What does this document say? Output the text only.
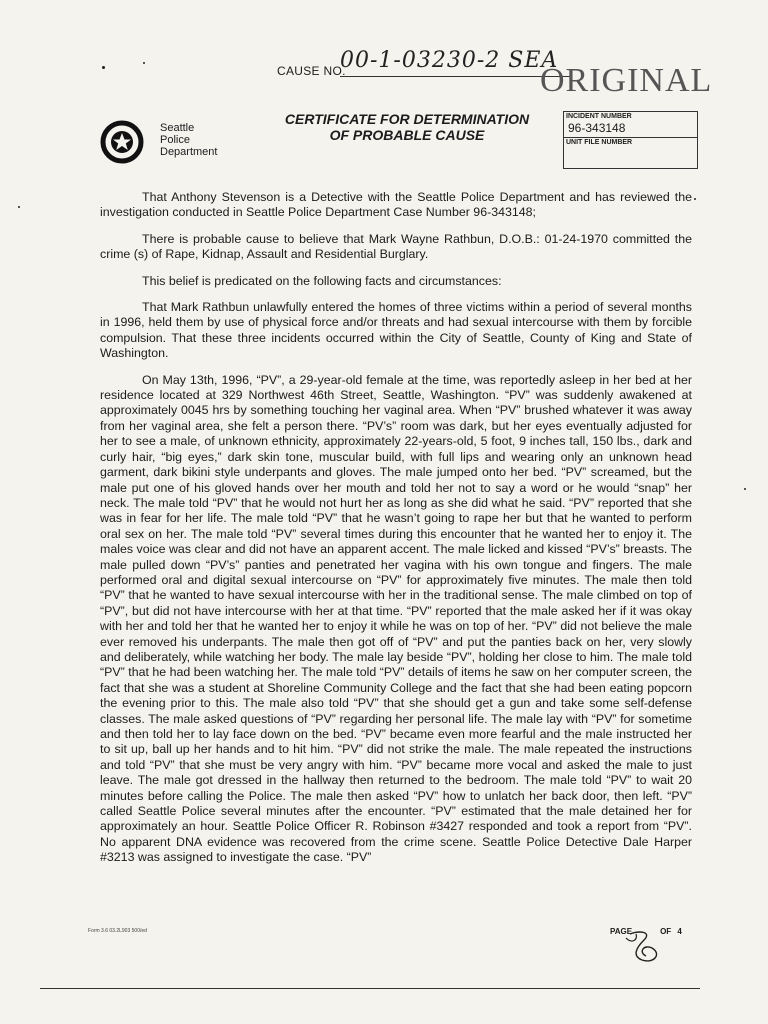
CAUSE NO.
00-1-03230-2 SEA
ORIGINAL
Seattle
Police
Department
CERTIFICATE FOR DETERMINATION
OF PROBABLE CAUSE
INCIDENT NUMBER
96-343148
UNIT FILE NUMBER

That Anthony Stevenson is a Detective with the Seattle Police Department and has reviewed the investigation conducted in Seattle Police Department Case Number 96-343148;

There is probable cause to believe that Mark Wayne Rathbun, D.O.B.: 01-24-1970 committed the crime (s) of Rape, Kidnap, Assault and Residential Burglary.

This belief is predicated on the following facts and circumstances:

That Mark Rathbun unlawfully entered the homes of three victims within a period of several months in 1996, held them by use of physical force and/or threats and had sexual intercourse with them by forcible compulsion. That these three incidents occurred within the City of Seattle, County of King and State of Washington.

On May 13th, 1996, “PV”, a 29-year-old female at the time, was reportedly asleep in her bed at her residence located at 329 Northwest 46th Street, Seattle, Washington. “PV” was suddenly awakened at approximately 0045 hrs by something touching her vaginal area. When “PV” brushed whatever it was away from her vaginal area, she felt a person there. “PV’s” room was dark, but her eyes eventually adjusted for her to see a male, of unknown ethnicity, approximately 22-years-old, 5 foot, 9 inches tall, 150 lbs., dark and curly hair, “big eyes,” dark skin tone, muscular build, with full lips and wearing only an unknown head garment, dark bikini style underpants and gloves. The male jumped onto her bed. “PV” screamed, but the male put one of his gloved hands over her mouth and told her not to say a word or he would “snap” her neck. The male told “PV” that he would not hurt her as long as she did what he said. “PV” reported that she was in fear for her life. The male told “PV” that he wasn’t going to rape her but that he wanted to perform oral sex on her. The male told “PV” several times during this encounter that he wanted her to enjoy it. The males voice was clear and did not have an apparent accent. The male licked and kissed “PV’s” breasts. The male pulled down “PV’s” panties and penetrated her vagina with his own tongue and fingers. The male performed oral and digital sexual intercourse on “PV” for approximately five minutes. The male then told “PV” that he wanted to have sexual intercourse with her in the traditional sense. The male climbed on top of “PV”, but did not have intercourse with her at that time. “PV” reported that the male asked her if it was okay with her and told her that he wanted her to enjoy it while he was on top of her. “PV” did not believe the male ever removed his underpants. The male then got off of “PV” and put the panties back on her, very slowly and deliberately, while watching her body. The male lay beside “PV”, holding her close to him. The male told “PV” that he had been watching her. The male told “PV” details of items he saw on her computer screen, the fact that she was a student at Shoreline Community College and the fact that she had been eating popcorn the evening prior to this. The male also told “PV” that she should get a gun and take some self-defense classes. The male asked questions of “PV” regarding her personal life. The male lay with “PV” for sometime and then told her to lay face down on the bed. “PV” became even more fearful and the male instructed her to sit up, ball up her hands and to hit him. “PV” did not strike the male. The male repeated the instructions and told “PV” that she must be very angry with him. “PV” became more vocal and asked the male to just leave. The male got dressed in the hallway then returned to the bedroom. The male told “PV” to wait 20 minutes before calling the Police. The male then asked “PV” how to unlatch her back door, then left. “PV” called Seattle Police several minutes after the encounter. “PV” estimated that the male detained her for approximately an hour. Seattle Police Officer R. Robinson #3427 responded and took a report from “PV”. No apparent DNA evidence was recovered from the crime scene. Seattle Police Detective Dale Harper #3213 was assigned to investigate the case. “PV”

Form 3.6 03.2L903 500/ed	PAGE	OF 4
